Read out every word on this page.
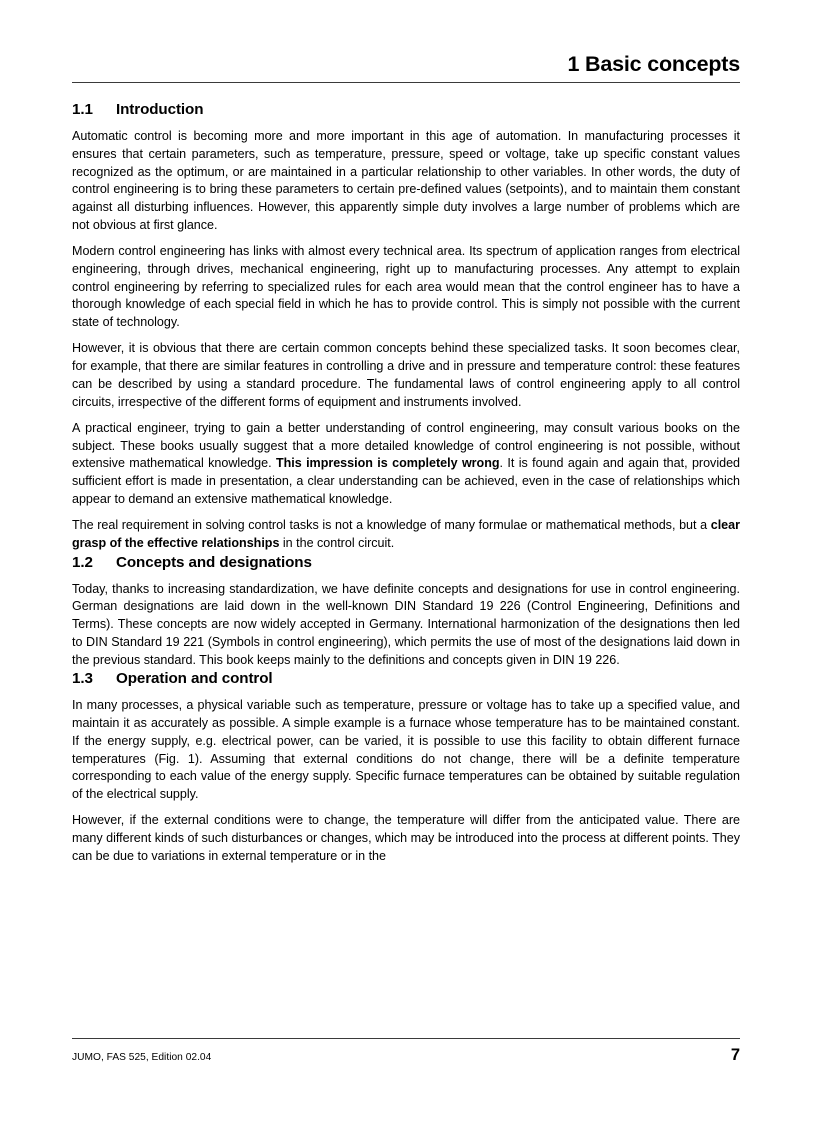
1 Basic concepts
1.1	Introduction

Automatic control is becoming more and more important in this age of automation. In manufacturing processes it ensures that certain parameters, such as temperature, pressure, speed or voltage, take up specific constant values recognized as the optimum, or are maintained in a particular relationship to other variables. In other words, the duty of control engineering is to bring these parameters to certain pre-defined values (setpoints), and to maintain them constant against all disturbing influences. However, this apparently simple duty involves a large number of problems which are not obvious at first glance.

Modern control engineering has links with almost every technical area. Its spectrum of application ranges from electrical engineering, through drives, mechanical engineering, right up to manufacturing processes. Any attempt to explain control engineering by referring to specialized rules for each area would mean that the control engineer has to have a thorough knowledge of each special field in which he has to provide control. This is simply not possible with the current state of technology.

However, it is obvious that there are certain common concepts behind these specialized tasks. It soon becomes clear, for example, that there are similar features in controlling a drive and in pressure and temperature control: these features can be described by using a standard procedure. The fundamental laws of control engineering apply to all control circuits, irrespective of the different forms of equipment and instruments involved.

A practical engineer, trying to gain a better understanding of control engineering, may consult various books on the subject. These books usually suggest that a more detailed knowledge of control engineering is not possible, without extensive mathematical knowledge. This impression is completely wrong. It is found again and again that, provided sufficient effort is made in presentation, a clear understanding can be achieved, even in the case of relationships which appear to demand an extensive mathematical knowledge.

The real requirement in solving control tasks is not a knowledge of many formulae or mathematical methods, but a clear grasp of the effective relationships in the control circuit.

1.2	Concepts and designations

Today, thanks to increasing standardization, we have definite concepts and designations for use in control engineering. German designations are laid down in the well-known DIN Standard 19 226 (Control Engineering, Definitions and Terms). These concepts are now widely accepted in Germany. International harmonization of the designations then led to DIN Standard 19 221 (Symbols in control engineering), which permits the use of most of the designations laid down in the previous standard. This book keeps mainly to the definitions and concepts given in DIN 19 226.

1.3	Operation and control

In many processes, a physical variable such as temperature, pressure or voltage has to take up a specified value, and maintain it as accurately as possible. A simple example is a furnace whose temperature has to be maintained constant. If the energy supply, e.g. electrical power, can be varied, it is possible to use this facility to obtain different furnace temperatures (Fig. 1). Assuming that external conditions do not change, there will be a definite temperature corresponding to each value of the energy supply. Specific furnace temperatures can be obtained by suitable regulation of the electrical supply.

However, if the external conditions were to change, the temperature will differ from the anticipated value. There are many different kinds of such disturbances or changes, which may be introduced into the process at different points. They can be due to variations in external temperature or in the

JUMO, FAS 525, Edition 02.04	7
